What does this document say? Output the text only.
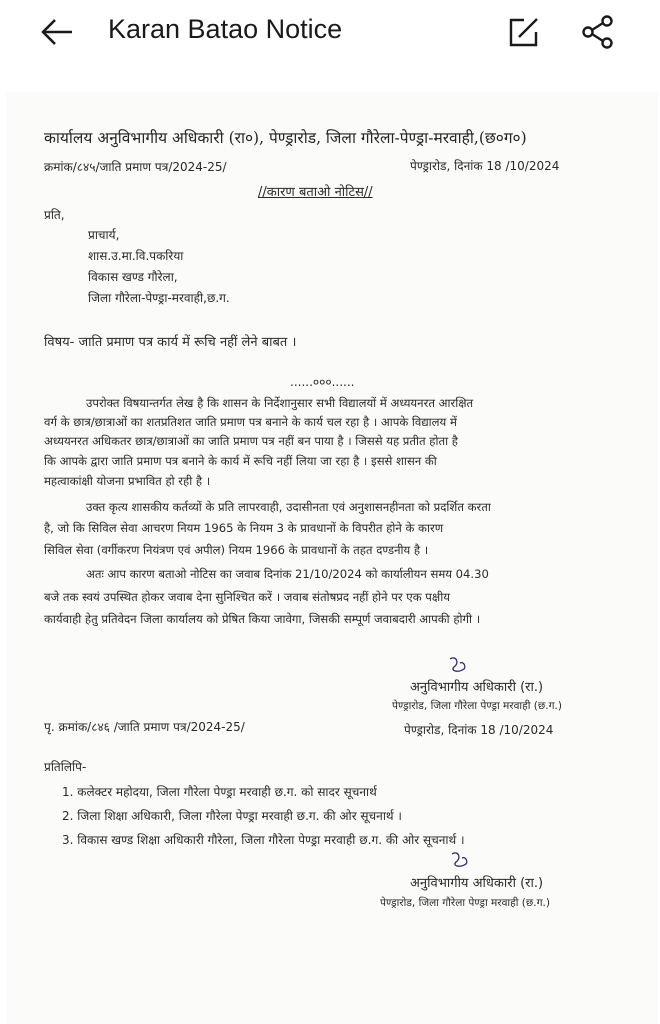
Karan Batao Notice
कार्यालय अनुविभागीय अधिकारी (रा०), पेण्ड्रारोड, जिला गौरेला-पेण्ड्रा-मरवाही,(छ०ग०)
क्रमांक/८४५/जाति प्रमाण पत्र/2024-25/	पेण्ड्रारोड, दिनांक 18 /10/2024
//कारण बताओ नोटिस//
प्रति,
प्राचार्य,
शास.उ.मा.वि.पकरिया
विकास खण्ड गौरेला,
जिला गौरेला-पेण्ड्रा-मरवाही,छ.ग.
विषय- जाति प्रमाण पत्र कार्य में रूचि नहीं लेने बाबत ।
......०००......
उपरोक्त विषयान्तर्गत लेख है कि शासन के निर्देशानुसार सभी विद्यालयों में अध्ययनरत आरक्षित
वर्ग के छात्र/छात्राओं का शतप्रतिशत जाति प्रमाण पत्र बनाने के कार्य चल रहा है । आपके विद्यालय में
अध्ययनरत अधिकतर छात्र/छात्राओं का जाति प्रमाण पत्र नहीं बन पाया है । जिससे यह प्रतीत होता है
कि आपके द्वारा जाति प्रमाण पत्र बनाने के कार्य में रूचि नहीं लिया जा रहा है । इससे शासन की
महत्वाकांक्षी योजना प्रभावित हो रही है ।
उक्त कृत्य शासकीय कर्तव्यों के प्रति लापरवाही, उदासीनता एवं अनुशासनहीनता को प्रदर्शित करता
है, जो कि सिविल सेवा आचरण नियम 1965 के नियम 3 के प्रावधानों के विपरीत होने के कारण
सिविल सेवा (वर्गीकरण नियंत्रण एवं अपील) नियम 1966 के प्रावधानों के तहत दण्डनीय है ।
अतः आप कारण बताओ नोटिस का जवाब दिनांक 21/10/2024 को कार्यालीयन समय 04.30
बजे तक स्वयं उपस्थित होकर जवाब देना सुनिश्चित करें । जवाब संतोषप्रद नहीं होने पर एक पक्षीय
कार्यवाही हेतु प्रतिवेदन जिला कार्यालय को प्रेषित किया जावेगा, जिसकी सम्पूर्ण जवाबदारी आपकी होगी ।
अनुविभागीय अधिकारी (रा.)
पेण्ड्रारोड, जिला गौरेला पेण्ड्रा मरवाही (छ.ग.)
पेण्ड्रारोड, दिनांक 18 /10/2024
पृ. क्रमांक/८४६ /जाति प्रमाण पत्र/2024-25/
प्रतिलिपि-
1. कलेक्टर महोदया, जिला गौरेला पेण्ड्रा मरवाही छ.ग. को सादर सूचनार्थ
2. जिला शिक्षा अधिकारी, जिला गौरेला पेण्ड्रा मरवाही छ.ग. की ओर सूचनार्थ ।
3. विकास खण्ड शिक्षा अधिकारी गौरेला, जिला गौरेला पेण्ड्रा मरवाही छ.ग. की ओर सूचनार्थ ।
अनुविभागीय अधिकारी (रा.)
पेण्ड्रारोड, जिला गौरेला पेण्ड्रा मरवाही (छ.ग.)
